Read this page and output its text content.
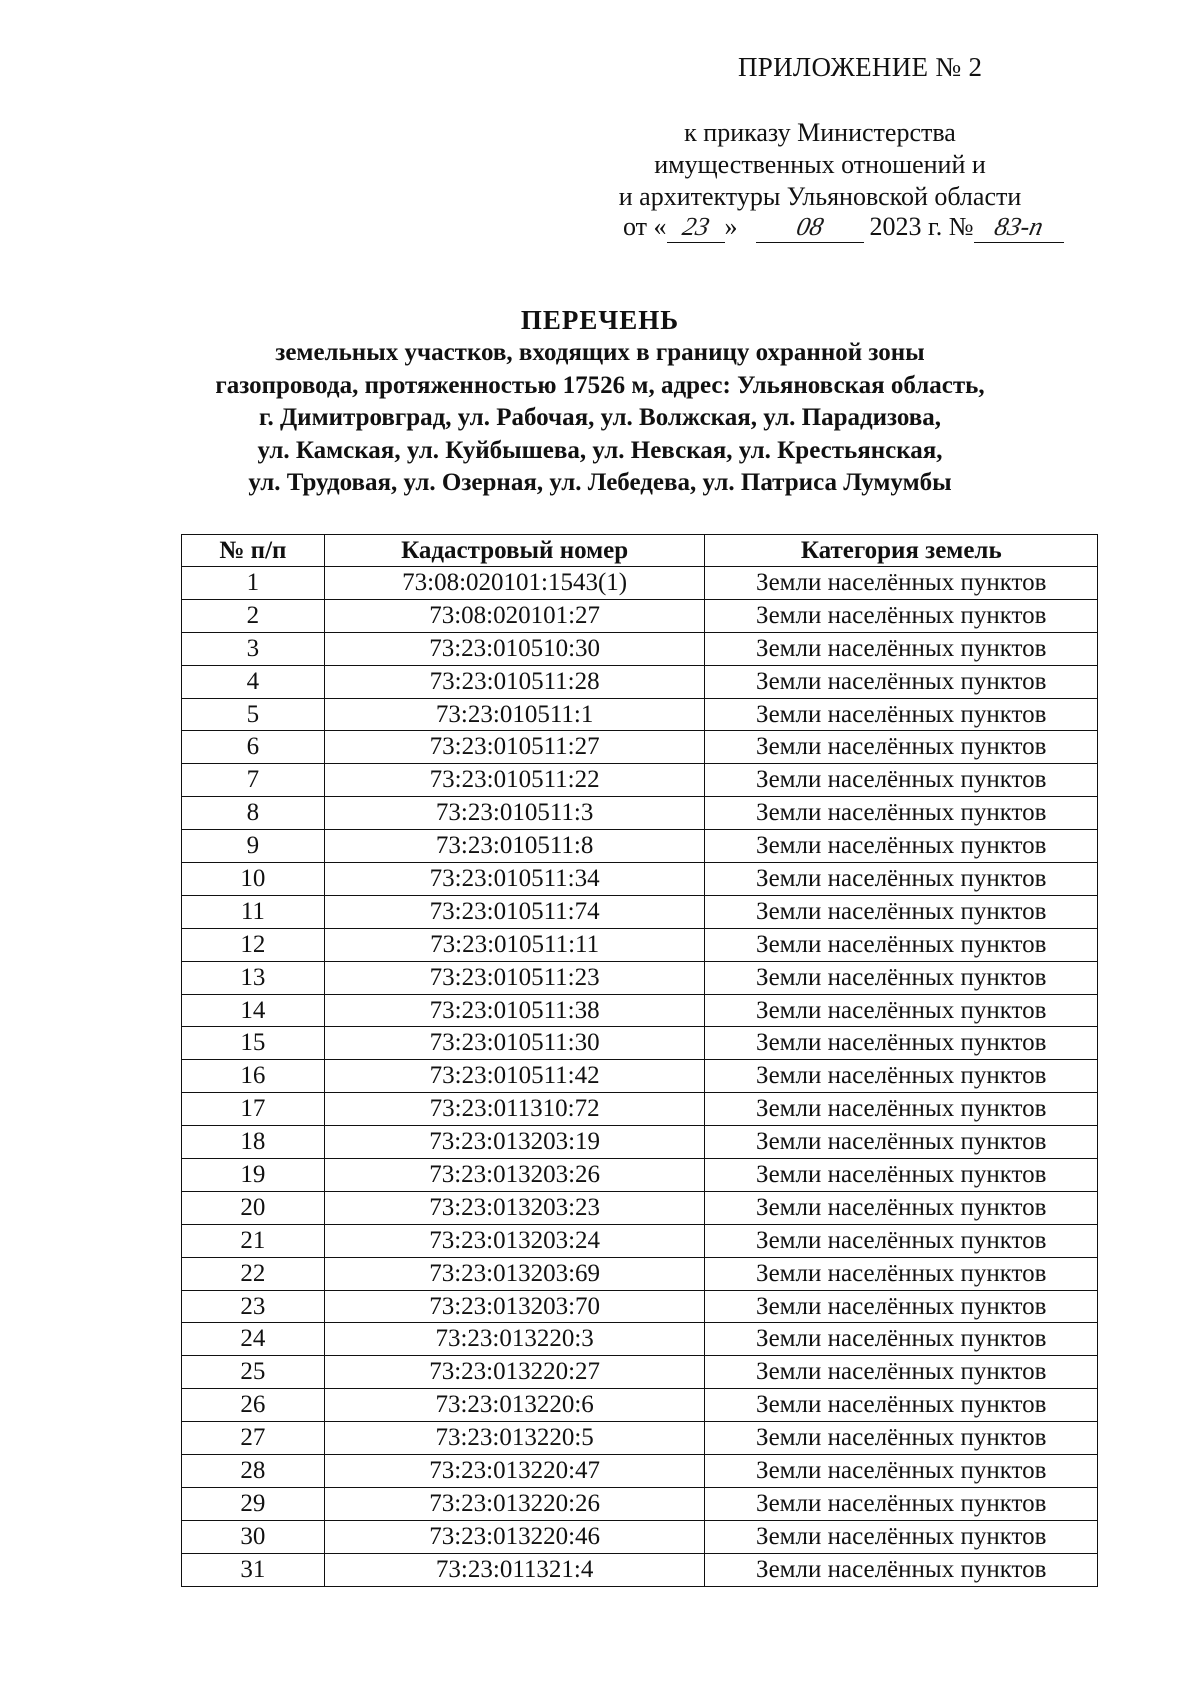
ПРИЛОЖЕНИЕ № 2
к приказу Министерства
имущественных отношений и
и архитектуры Ульяновской области
от « 23 » 08 2023 г. № 83-п
ПЕРЕЧЕНЬ
земельных участков, входящих в границу охранной зоны
газопровода, протяженностью 17526 м, адрес: Ульяновская область,
г. Димитровград, ул. Рабочая, ул. Волжская, ул. Парадизова,
ул. Камская, ул. Куйбышева, ул. Невская, ул. Крестьянская,
ул. Трудовая, ул. Озерная, ул. Лебедева, ул. Патриса Лумумбы
№ п/п	Кадастровый номер	Категория земель
1	73:08:020101:1543(1)	Земли населённых пунктов
2	73:08:020101:27	Земли населённых пунктов
3	73:23:010510:30	Земли населённых пунктов
4	73:23:010511:28	Земли населённых пунктов
5	73:23:010511:1	Земли населённых пунктов
6	73:23:010511:27	Земли населённых пунктов
7	73:23:010511:22	Земли населённых пунктов
8	73:23:010511:3	Земли населённых пунктов
9	73:23:010511:8	Земли населённых пунктов
10	73:23:010511:34	Земли населённых пунктов
11	73:23:010511:74	Земли населённых пунктов
12	73:23:010511:11	Земли населённых пунктов
13	73:23:010511:23	Земли населённых пунктов
14	73:23:010511:38	Земли населённых пунктов
15	73:23:010511:30	Земли населённых пунктов
16	73:23:010511:42	Земли населённых пунктов
17	73:23:011310:72	Земли населённых пунктов
18	73:23:013203:19	Земли населённых пунктов
19	73:23:013203:26	Земли населённых пунктов
20	73:23:013203:23	Земли населённых пунктов
21	73:23:013203:24	Земли населённых пунктов
22	73:23:013203:69	Земли населённых пунктов
23	73:23:013203:70	Земли населённых пунктов
24	73:23:013220:3	Земли населённых пунктов
25	73:23:013220:27	Земли населённых пунктов
26	73:23:013220:6	Земли населённых пунктов
27	73:23:013220:5	Земли населённых пунктов
28	73:23:013220:47	Земли населённых пунктов
29	73:23:013220:26	Земли населённых пунктов
30	73:23:013220:46	Земли населённых пунктов
31	73:23:011321:4	Земли населённых пунктов
